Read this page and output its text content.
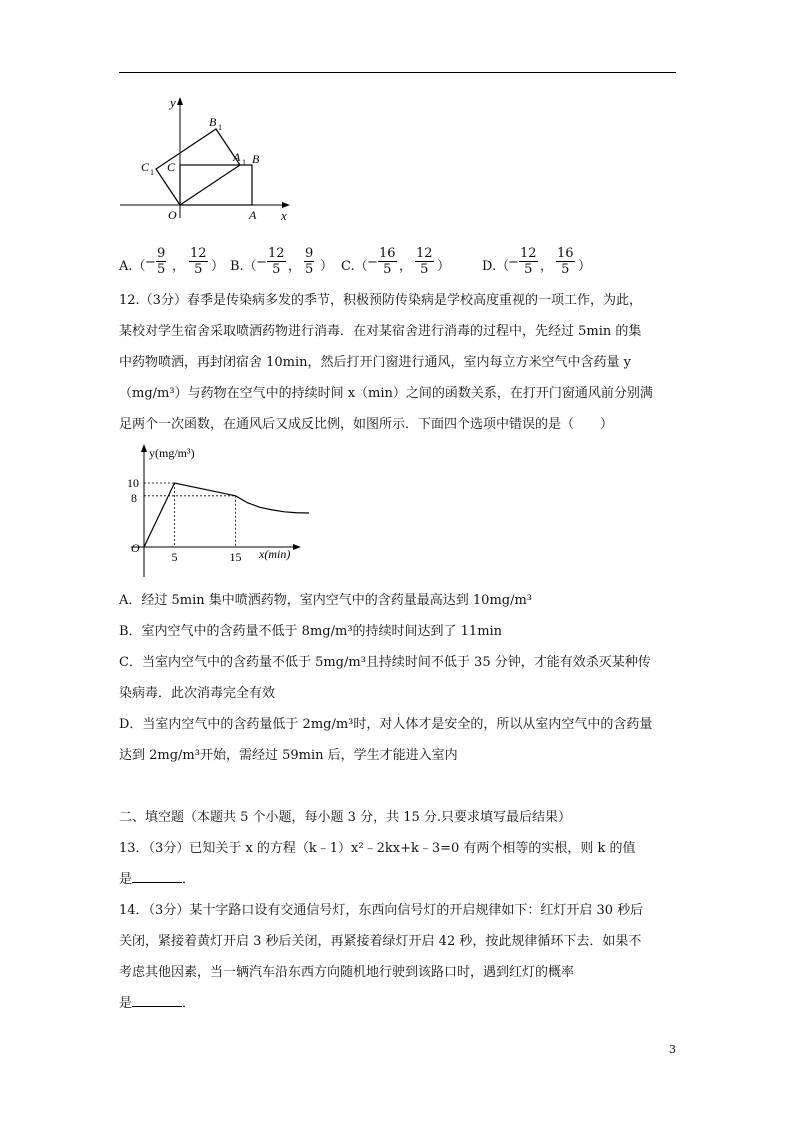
y
x
O	A
B
C
B 1
A 1
C 1
$A.( - \frac{9}{5}$ ， $\frac{12}{5}$ ） $B.( - \frac{12}{5}$ ， $\frac{9}{5}$ ） $C.( - \frac{16}{5}$ ， $\frac{12}{5}$ ） D.（
− $\frac{12}{5}$ ， $\frac{16}{5}$ ）
12.（3分）春季是传染病多发的季节，积极预防传染病是学校高度重视的一项工作，为此，
某校对学生宿舍采取喷洒药物进行消毒．在对某宿舍进行消毒的过程中，先经过 5min 的集
中药物喷洒，再封闭宿舍 10min，然后打开门窗进行通风，室内每立方米空气中含药量 y
（mg/m³）与药物在空气中的持续时间 x（min）之间的函数关系，在打开门窗通风前分别满
足两个一次函数，在通风后又成反比例，如图所示．下面四个选项中错误的是（　　）
y(mg/m³)
x(min)
O
5	15
10
8
A．经过 5min 集中喷洒药物，室内空气中的含药量最高达到 10mg/m³
B．室内空气中的含药量不低于 8mg/m³的持续时间达到了 11min
C．当室内空气中的含药量不低于 5mg/m³且持续时间不低于 35 分钟，才能有效杀灭某种传
染病毒．此次消毒完全有效
D．当室内空气中的含药量低于 2mg/m³时，对人体才是安全的，所以从室内空气中的含药量
达到 2mg/m³开始，需经过 59min 后，学生才能进入室内
二、填空题（本题共 5 个小题，每小题 3 分，共 15 分.只要求填写最后结果）
13．（3分）已知关于 x 的方程（k﹣1）x²﹣2kx+k﹣3=0 有两个相等的实根，则 k 的值
是	．
14．（3分）某十字路口设有交通信号灯，东西向信号灯的开启规律如下：红灯开启 30 秒后
关闭，紧接着黄灯开启 3 秒后关闭，再紧接着绿灯开启 42 秒，按此规律循环下去．如果不
考虑其他因素，当一辆汽车沿东西方向随机地行驶到该路口时，遇到红灯的概率
是	．
3
